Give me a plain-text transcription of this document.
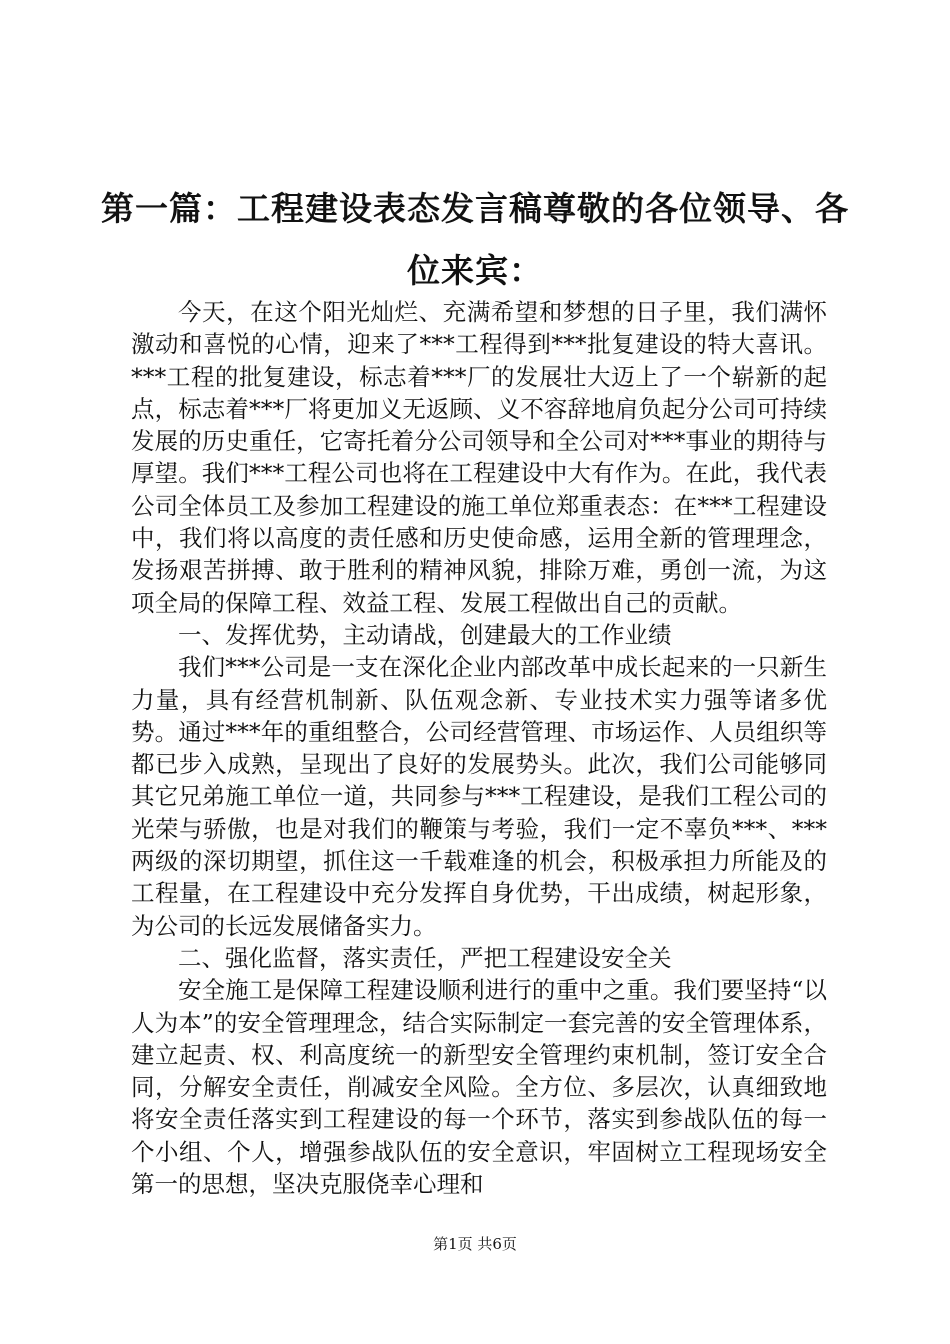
第一篇：工程建设表态发言稿尊敬的各位领导、各位来宾：

今天，在这个阳光灿烂、充满希望和梦想的日子里，我们满怀激动和喜悦的心情，迎来了***工程得到***批复建设的特大喜讯。***工程的批复建设，标志着***厂的发展壮大迈上了一个崭新的起点，标志着***厂将更加义无返顾、义不容辞地肩负起分公司可持续发展的历史重任，它寄托着分公司领导和全公司对***事业的期待与厚望。我们***工程公司也将在工程建设中大有作为。在此，我代表公司全体员工及参加工程建设的施工单位郑重表态：在***工程建设中，我们将以高度的责任感和历史使命感，运用全新的管理理念，发扬艰苦拼搏、敢于胜利的精神风貌，排除万难，勇创一流，为这项全局的保障工程、效益工程、发展工程做出自己的贡献。

一、发挥优势，主动请战，创建最大的工作业绩

我们***公司是一支在深化企业内部改革中成长起来的一只新生力量，具有经营机制新、队伍观念新、专业技术实力强等诸多优势。通过***年的重组整合，公司经营管理、市场运作、人员组织等都已步入成熟，呈现出了良好的发展势头。此次，我们公司能够同其它兄弟施工单位一道，共同参与***工程建设，是我们工程公司的光荣与骄傲，也是对我们的鞭策与考验，我们一定不辜负***、***两级的深切期望，抓住这一千载难逢的机会，积极承担力所能及的工程量，在工程建设中充分发挥自身优势，干出成绩，树起形象，为公司的长远发展储备实力。

二、强化监督，落实责任，严把工程建设安全关

安全施工是保障工程建设顺利进行的重中之重。我们要坚持“以人为本”的安全管理理念，结合实际制定一套完善的安全管理体系，建立起责、权、利高度统一的新型安全管理约束机制，签订安全合同，分解安全责任，削减安全风险。全方位、多层次，认真细致地将安全责任落实到工程建设的每一个环节，落实到参战队伍的每一个小组、个人，增强参战队伍的安全意识，牢固树立工程现场安全第一的思想，坚决克服侥幸心理和

第1页 共6页
